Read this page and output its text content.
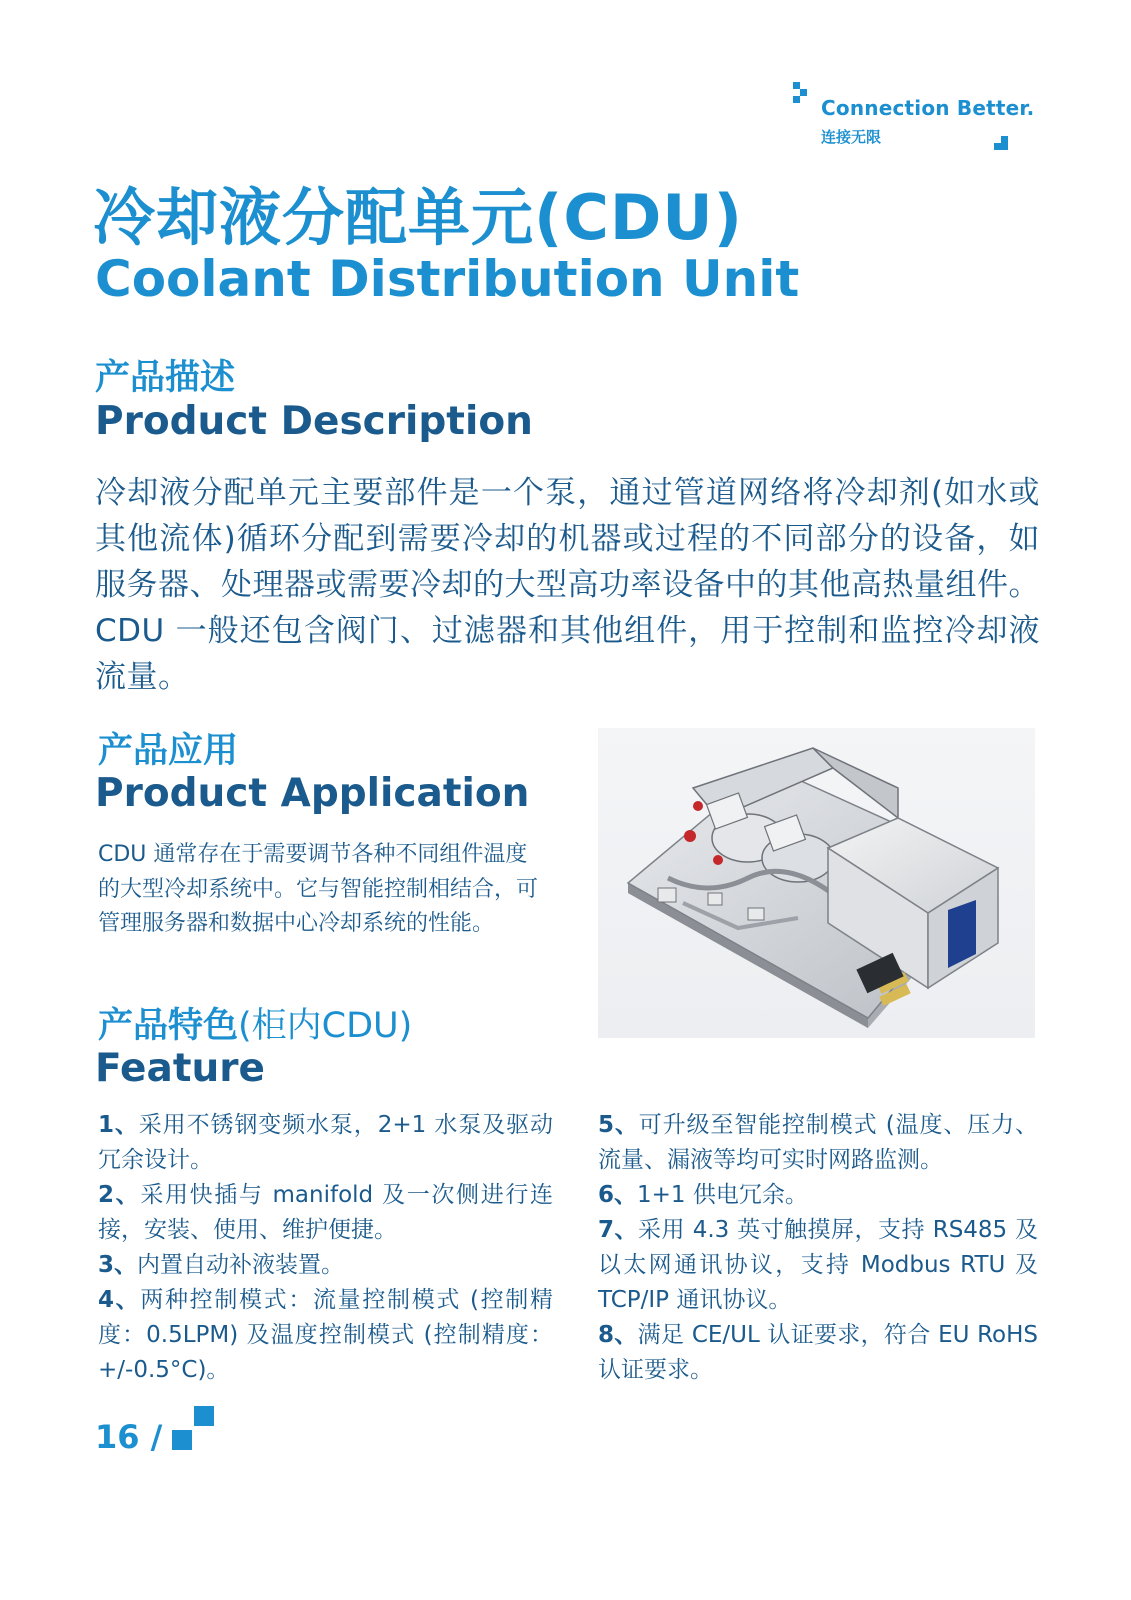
Connection Better.
连接无限
冷却液分配单元(CDU)
Coolant Distribution Unit
产品描述
Product Description
冷却液分配单元主要部件是一个泵，通过管道网络将冷却剂(如水或其他流体)循环分配到需要冷却的机器或过程的不同部分的设备，如服务器、处理器或需要冷却的大型高功率设备中的其他高热量组件。CDU 一般还包含阀门、过滤器和其他组件，用于控制和监控冷却液流量。
产品应用
Product Application
CDU 通常存在于需要调节各种不同组件温度的大型冷却系统中。它与智能控制相结合，可管理服务器和数据中心冷却系统的性能。
产品特色(柜内CDU)
Feature

1、采用不锈钢变频水泵，2+1 水泵及驱动冗余设计。

2、采用快插与 manifold 及一次侧进行连接，安装、使用、维护便捷。

3、内置自动补液装置。

4、两种控制模式：流量控制模式 (控制精度：0.5LPM) 及温度控制模式 (控制精度：+/-0.5°C)。

5、可升级至智能控制模式 (温度、压力、流量、漏液等均可实时网路监测。

6、1+1 供电冗余。

7、采用 4.3 英寸触摸屏，支持 RS485 及以太网通讯协议，支持 Modbus RTU 及 TCP/IP 通讯协议。

8、满足 CE/UL 认证要求，符合 EU RoHS 认证要求。

16 /
